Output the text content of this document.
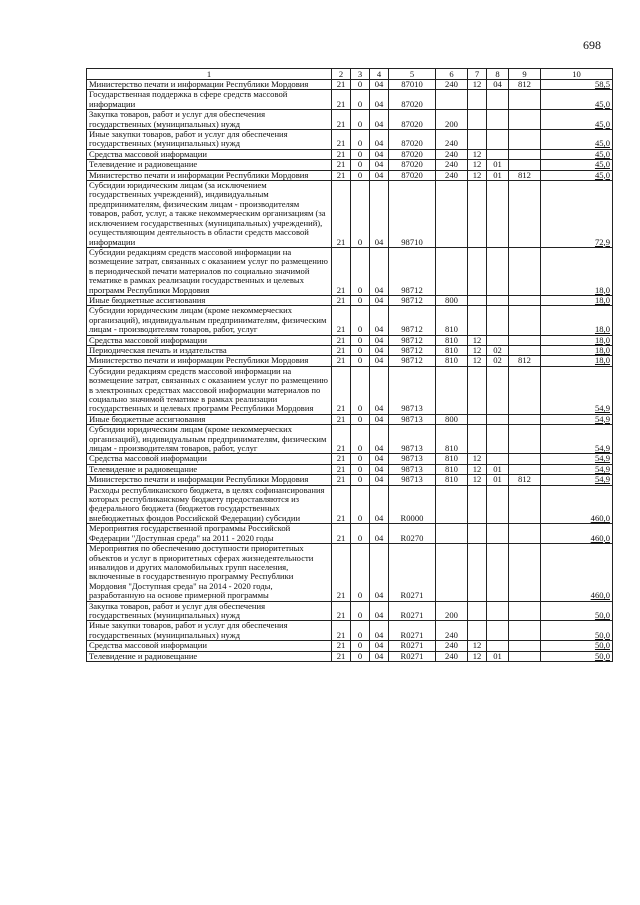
698
1	2	3	4	5	6	7	8	9	10
Министерство печати и информации Республики Мордовия	21	0	04	87010	240	12	04	812	58,5
Государственная поддержка в сфере средств массовой информации	21	0	04	87020					45,0
Закупка товаров, работ и услуг для обеспечения государственных (муниципальных) нужд	21	0	04	87020	200				45,0
Иные закупки товаров, работ и услуг для обеспечения государственных (муниципальных) нужд	21	0	04	87020	240				45,0
Средства массовой информации	21	0	04	87020	240	12			45,0
Телевидение и радиовещание	21	0	04	87020	240	12	01		45,0
Министерство печати и информации Республики Мордовия	21	0	04	87020	240	12	01	812	45,0
Субсидии юридическим лицам (за исключением государственных учреждений), индивидуальным предпринимателям, физическим лицам - производителям товаров, работ, услуг, а также некоммерческим организациям (за исключением государственных (муниципальных) учреждений), осуществляющим деятельность в области средств массовой информации	21	0	04	98710					72,9
Субсидии редакциям средств массовой информации на возмещение затрат, связанных с оказанием услуг по размещению в периодической печати материалов по социально значимой тематике в рамках реализации государственных и целевых программ Республики Мордовия	21	0	04	98712					18,0
Иные бюджетные ассигнования	21	0	04	98712	800				18,0
Субсидии юридическим лицам (кроме некоммерческих организаций), индивидуальным предпринимателям, физическим лицам - производителям товаров, работ, услуг	21	0	04	98712	810				18,0
Средства массовой информации	21	0	04	98712	810	12			18,0
Периодическая печать и издательства	21	0	04	98712	810	12	02		18,0
Министерство печати и информации Республики Мордовия	21	0	04	98712	810	12	02	812	18,0
Субсидии редакциям средств массовой информации на возмещение затрат, связанных с оказанием услуг по размещению в электронных средствах массовой информации материалов по социально значимой тематике в рамках реализации государственных и целевых программ Республики Мордовия	21	0	04	98713					54,9
Иные бюджетные ассигнования	21	0	04	98713	800				54,9
Субсидии юридическим лицам (кроме некоммерческих организаций), индивидуальным предпринимателям, физическим лицам - производителям товаров, работ, услуг	21	0	04	98713	810				54,9
Средства массовой информации	21	0	04	98713	810	12			54,9
Телевидение и радиовещание	21	0	04	98713	810	12	01		54,9
Министерство печати и информации Республики Мордовия	21	0	04	98713	810	12	01	812	54,9
Расходы республиканского бюджета, в целях софинансирования которых республиканскому бюджету предоставляются из федерального бюджета (бюджетов государственных внебюджетных фондов Российской Федерации) субсидии	21	0	04	R0000					460,0
Мероприятия государственной программы Российской Федерации "Доступная среда" на 2011 - 2020 годы	21	0	04	R0270					460,0
Мероприятия по обеспечению доступности приоритетных объектов и услуг в приоритетных сферах жизнедеятельности инвалидов и других маломобильных групп населения, включенные в государственную программу Республики Мордовия "Доступная среда" на 2014 - 2020 годы, разработанную на основе примерной программы	21	0	04	R0271					460,0
Закупка товаров, работ и услуг для обеспечения государственных (муниципальных) нужд	21	0	04	R0271	200				50,0
Иные закупки товаров, работ и услуг для обеспечения государственных (муниципальных) нужд	21	0	04	R0271	240				50,0
Средства массовой информации	21	0	04	R0271	240	12			50,0
Телевидение и радиовещание	21	0	04	R0271	240	12	01		50,0
